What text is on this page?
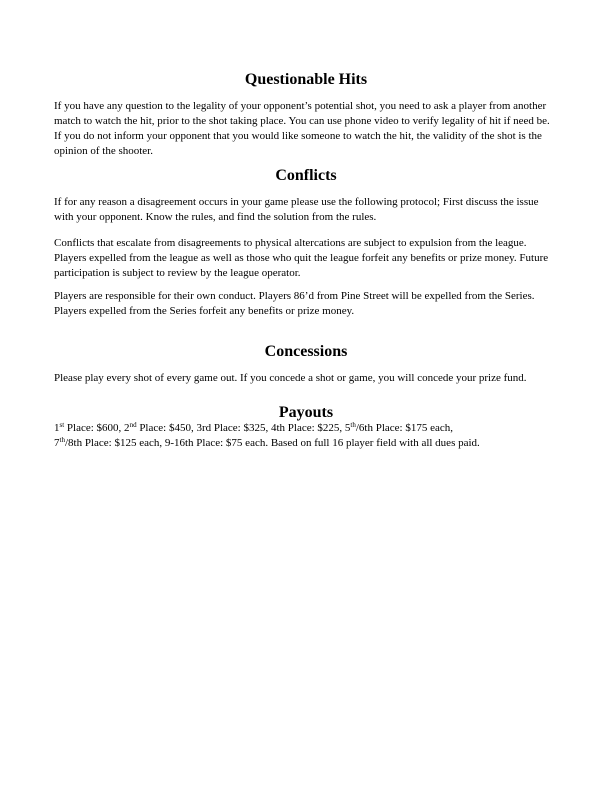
Questionable Hits

If you have any question to the legality of your opponent’s potential shot, you need to ask a player from another match to watch the hit, prior to the shot taking place. You can use phone video to verify legality of hit if need be. If you do not inform your opponent that you would like someone to watch the hit, the validity of the shot is the opinion of the shooter.

Conflicts

If for any reason a disagreement occurs in your game please use the following protocol; First discuss the issue with your opponent. Know the rules, and find the solution from the rules.

Conflicts that escalate from disagreements to physical altercations are subject to expulsion from the league. Players expelled from the league as well as those who quit the league forfeit any benefits or prize money. Future participation is subject to review by the league operator.

Players are responsible for their own conduct. Players 86’d from Pine Street will be expelled from the Series. Players expelled from the Series forfeit any benefits or prize money.

Concessions

Please play every shot of every game out. If you concede a shot or game, you will concede your prize fund.

Payouts
1st Place: $600, 2nd Place: $450, 3rd Place: $325, 4th Place: $225, 5th/6th Place: $175 each,
7th/8th Place: $125 each, 9-16th Place: $75 each. Based on full 16 player field with all dues paid.
